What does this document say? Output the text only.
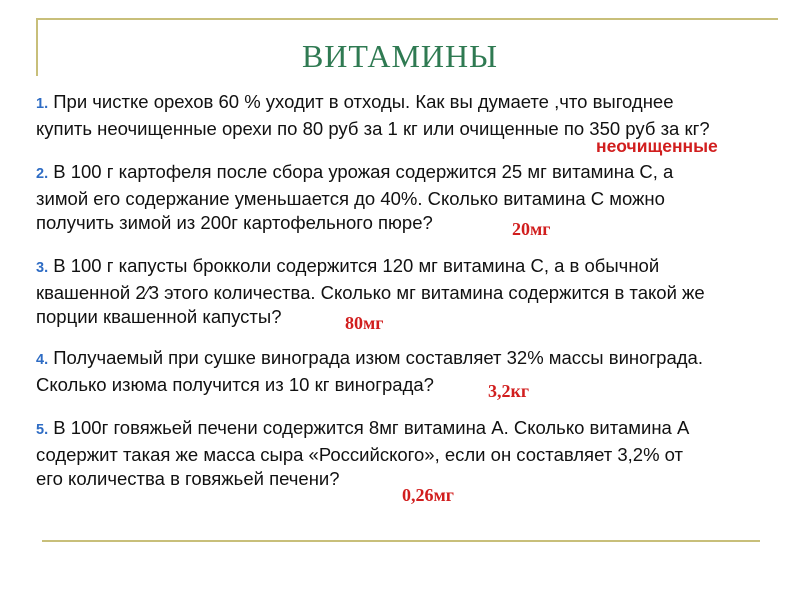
ВИТАМИНЫ
1. При чистке орехов 60 % уходит в отходы. Как вы думаете ,что выгоднее
купить неочищенные орехи по 80 руб за 1 кг или очищенные по 350 руб за кг?
неочищенные
2. В 100 г картофеля после сбора урожая содержится 25 мг витамина С, а
зимой его содержание уменьшается до 40%. Сколько витамина С можно
получить зимой из 200г картофельного пюре?	20мг
3. В 100 г капусты брокколи содержится 120 мг витамина С, а в обычной
квашенной 2⁄3 этого количества. Сколько мг витамина содержится в такой же
порции квашенной капусты?	80мг
4. Получаемый при сушке винограда изюм составляет 32% массы винограда.
Сколько изюма получится из 10 кг винограда?	3,2кг
5. В 100г говяжьей печени содержится 8мг витамина А. Сколько витамина А
содержит такая же масса сыра «Российского», если он составляет 3,2% от
его количества в говяжьей печени?
0,26мг
